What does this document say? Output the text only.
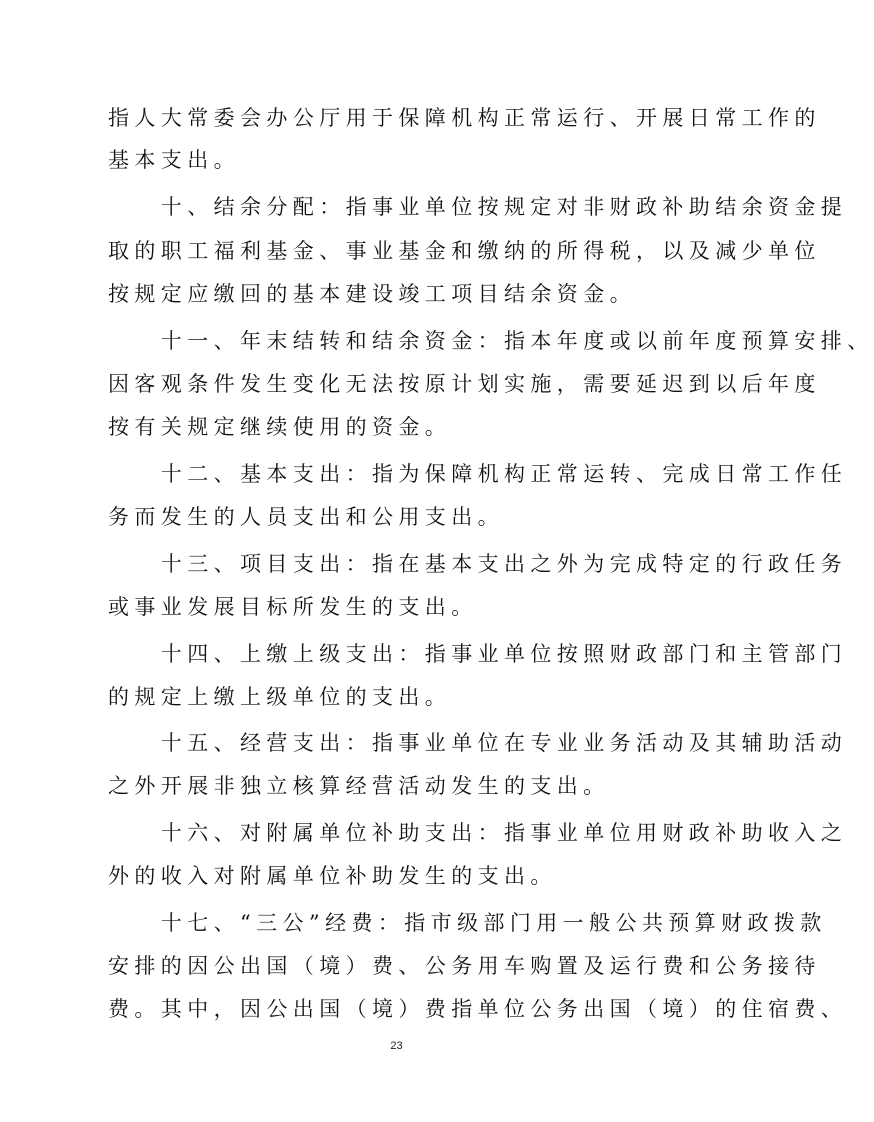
指人大常委会办公厅用于保障机构正常运行、开展日常工作的
基本支出。
　　十、结余分配：指事业单位按规定对非财政补助结余资金提
取的职工福利基金、事业基金和缴纳的所得税，以及减少单位
按规定应缴回的基本建设竣工项目结余资金。
　　十一、年末结转和结余资金：指本年度或以前年度预算安排、
因客观条件发生变化无法按原计划实施，需要延迟到以后年度
按有关规定继续使用的资金。
　　十二、基本支出：指为保障机构正常运转、完成日常工作任
务而发生的人员支出和公用支出。
　　十三、项目支出：指在基本支出之外为完成特定的行政任务
或事业发展目标所发生的支出。
　　十四、上缴上级支出：指事业单位按照财政部门和主管部门
的规定上缴上级单位的支出。
　　十五、经营支出：指事业单位在专业业务活动及其辅助活动
之外开展非独立核算经营活动发生的支出。
　　十六、对附属单位补助支出：指事业单位用财政补助收入之
外的收入对附属单位补助发生的支出。
　　十七、“三公”经费：指市级部门用一般公共预算财政拨款
安排的因公出国（境）费、公务用车购置及运行费和公务接待
费。其中，因公出国（境）费指单位公务出国（境）的住宿费、
23
